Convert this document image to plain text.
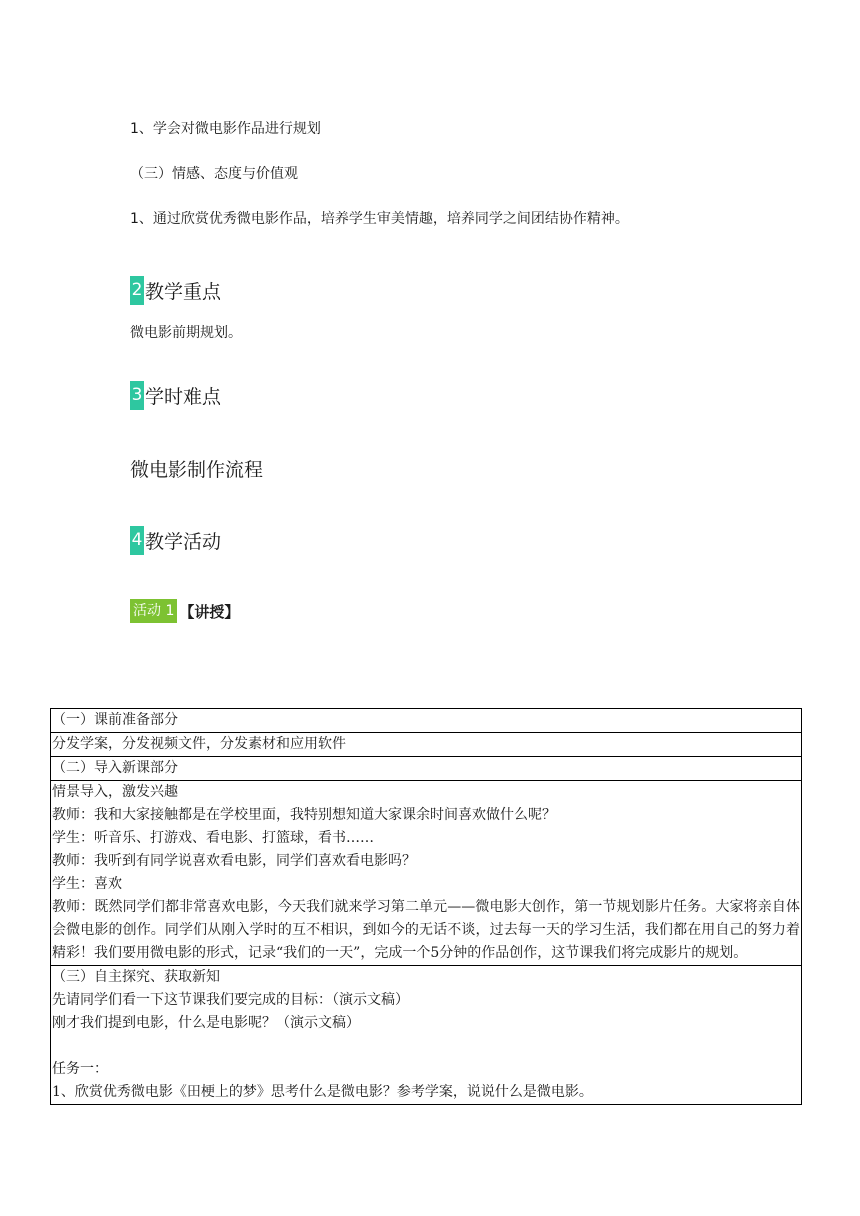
1、学会对微电影作品进行规划
（三）情感、态度与价值观
1、通过欣赏优秀微电影作品，培养学生审美情趣，培养同学之间团结协作精神。
2 教学重点
微电影前期规划。
3 学时难点
微电影制作流程
4 教学活动
活动 1 【讲授】
（一）课前准备部分

分发学案，分发视频文件，分发素材和应用软件

（二）导入新课部分

情景导入，激发兴趣
教师：我和大家接触都是在学校里面，我特别想知道大家课余时间喜欢做什么呢？
学生：听音乐、打游戏、看电影、打篮球，看书……
教师：我听到有同学说喜欢看电影，同学们喜欢看电影吗？
学生：喜欢
教师：既然同学们都非常喜欢电影，今天我们就来学习第二单元——微电影大创作，第一节规划影片任务。大家将亲自体会微电影的创作。同学们从刚入学时的互不相识，到如今的无话不谈，过去每一天的学习生活，我们都在用自己的努力着精彩！我们要用微电影的形式，记录“我们的一天”，完成一个5分钟的作品创作，这节课我们将完成影片的规划。

（三）自主探究、获取新知
先请同学们看一下这节课我们要完成的目标：（演示文稿）
刚才我们提到电影，什么是电影呢？（演示文稿）
任务一：
1、欣赏优秀微电影《田梗上的梦》思考什么是微电影？参考学案，说说什么是微电影。
